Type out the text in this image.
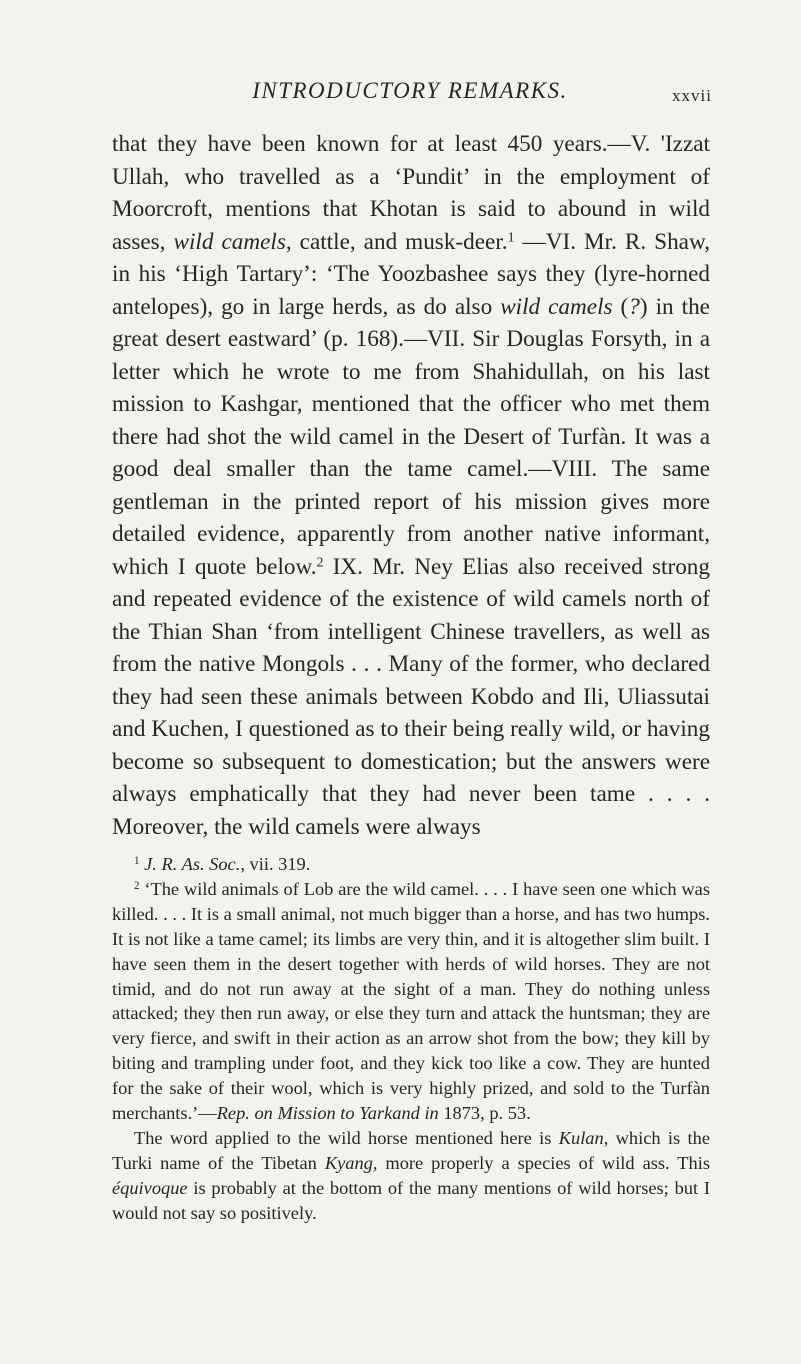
INTRODUCTORY REMARKS.	xxvii

that they have been known for at least 450 years.—V. 'Izzat Ullah, who travelled as a ‘Pundit’ in the employment of Moorcroft, mentions that Khotan is said to abound in wild asses, wild camels, cattle, and musk-deer.$^1$ —VI. Mr. R. Shaw, in his ‘High Tartary’: ‘The Yoozbashee says they (lyre-horned antelopes), go in large herds, as do also wild camels (?) in the great desert eastward’ (p. 168).—VII. Sir Douglas Forsyth, in a letter which he wrote to me from Shahidullah, on his last mission to Kashgar, mentioned that the officer who met them there had shot the wild camel in the Desert of Turfàn. It was a good deal smaller than the tame camel.—VIII. The same gentleman in the printed report of his mission gives more detailed evidence, apparently from another native informant, which I quote below.$^2$ IX. Mr. Ney Elias also received strong and repeated evidence of the existence of wild camels north of the Thian Shan ‘from intelligent Chinese travellers, as well as from the native Mongols . . . Many of the former, who declared they had seen these animals between Kobdo and Ili, Uliassutai and Kuchen, I questioned as to their being really wild, or having become so subsequent to domestication; but the answers were always emphatically that they had never been tame . . . . Moreover, the wild camels were always

$^1$ J. R. As. Soc., vii. 319.

$^2$ ‘The wild animals of Lob are the wild camel. . . . I have seen one which was killed. . . . It is a small animal, not much bigger than a horse, and has two humps. It is not like a tame camel; its limbs are very thin, and it is altogether slim built. I have seen them in the desert together with herds of wild horses. They are not timid, and do not run away at the sight of a man. They do nothing unless attacked; they then run away, or else they turn and attack the huntsman; they are very fierce, and swift in their action as an arrow shot from the bow; they kill by biting and trampling under foot, and they kick too like a cow. They are hunted for the sake of their wool, which is very highly prized, and sold to the Turfàn merchants.’—Rep. on Mission to Yarkand in 1873, p. 53.

The word applied to the wild horse mentioned here is Kulan, which is the Turki name of the Tibetan Kyang, more properly a species of wild ass. This équivoque is probably at the bottom of the many mentions of wild horses; but I would not say so positively.
